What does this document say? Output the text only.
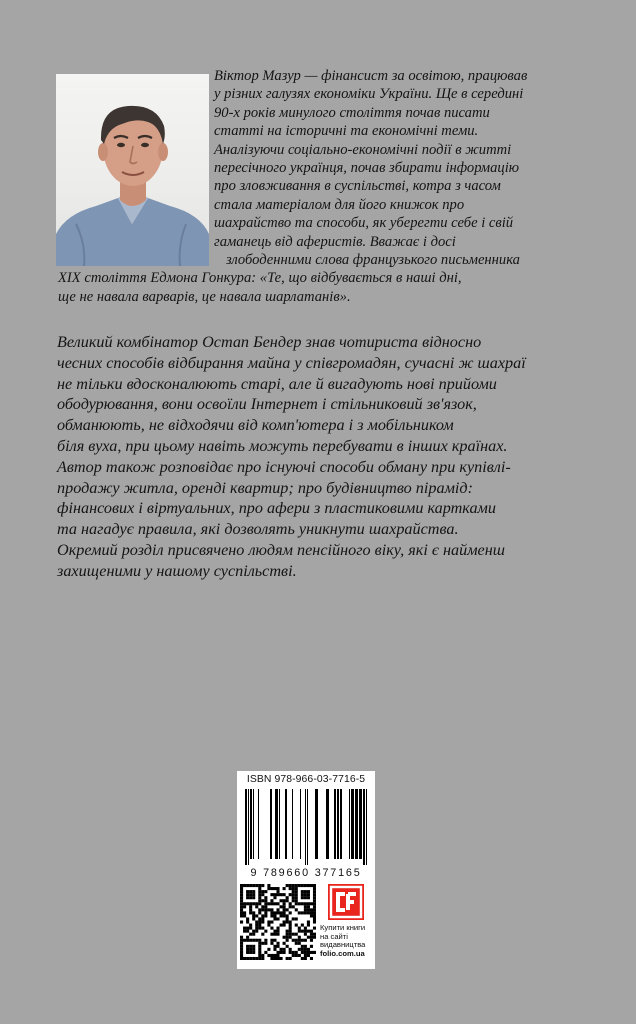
Віктор Мазур — фінансист за освітою, працював
у різних галузях економіки України. Ще в середині
90-х років минулого століття почав писати
статті на історичні та економічні теми.
Аналізуючи соціально-економічні події в житті
пересічного українця, почав збирати інформацію
про зловживання в суспільстві, котра з часом
стала матеріалом для його книжок про
шахрайство та способи, як уберегти себе і свій
гаманець від аферистів. Вважає і досі
злободенними слова французького письменника
XIX століття Едмона Гонкура: «Те, що відбувається в наші дні,
ще не навала варварів, це навала шарлатанів».

Великий комбінатор Остап Бендер знав чотириста відносно
чесних способів відбирання майна у співгромадян, сучасні ж шахраї
не тільки вдосконалюють старі, але й вигадують нові прийоми
ободурювання, вони освоїли Інтернет і стільниковий зв'язок,
обманюють, не відходячи від комп'ютера і з мобільником
біля вуха, при цьому навіть можуть перебувати в інших країнах.
Автор також розповідає про існуючі способи обману при купівлі-
продажу житла, оренді квартир; про будівництво пірамід:
фінансових і віртуальних, про афери з пластиковими картками
та нагадує правила, які дозволять уникнути шахрайства.
Окремий розділ присвячено людям пенсійного віку, які є найменш
захищеними у нашому суспільстві.

ISBN 978-966-03-7716-5
9 789660 377165
Купити книги
на сайті
видавництва
folio.com.ua
